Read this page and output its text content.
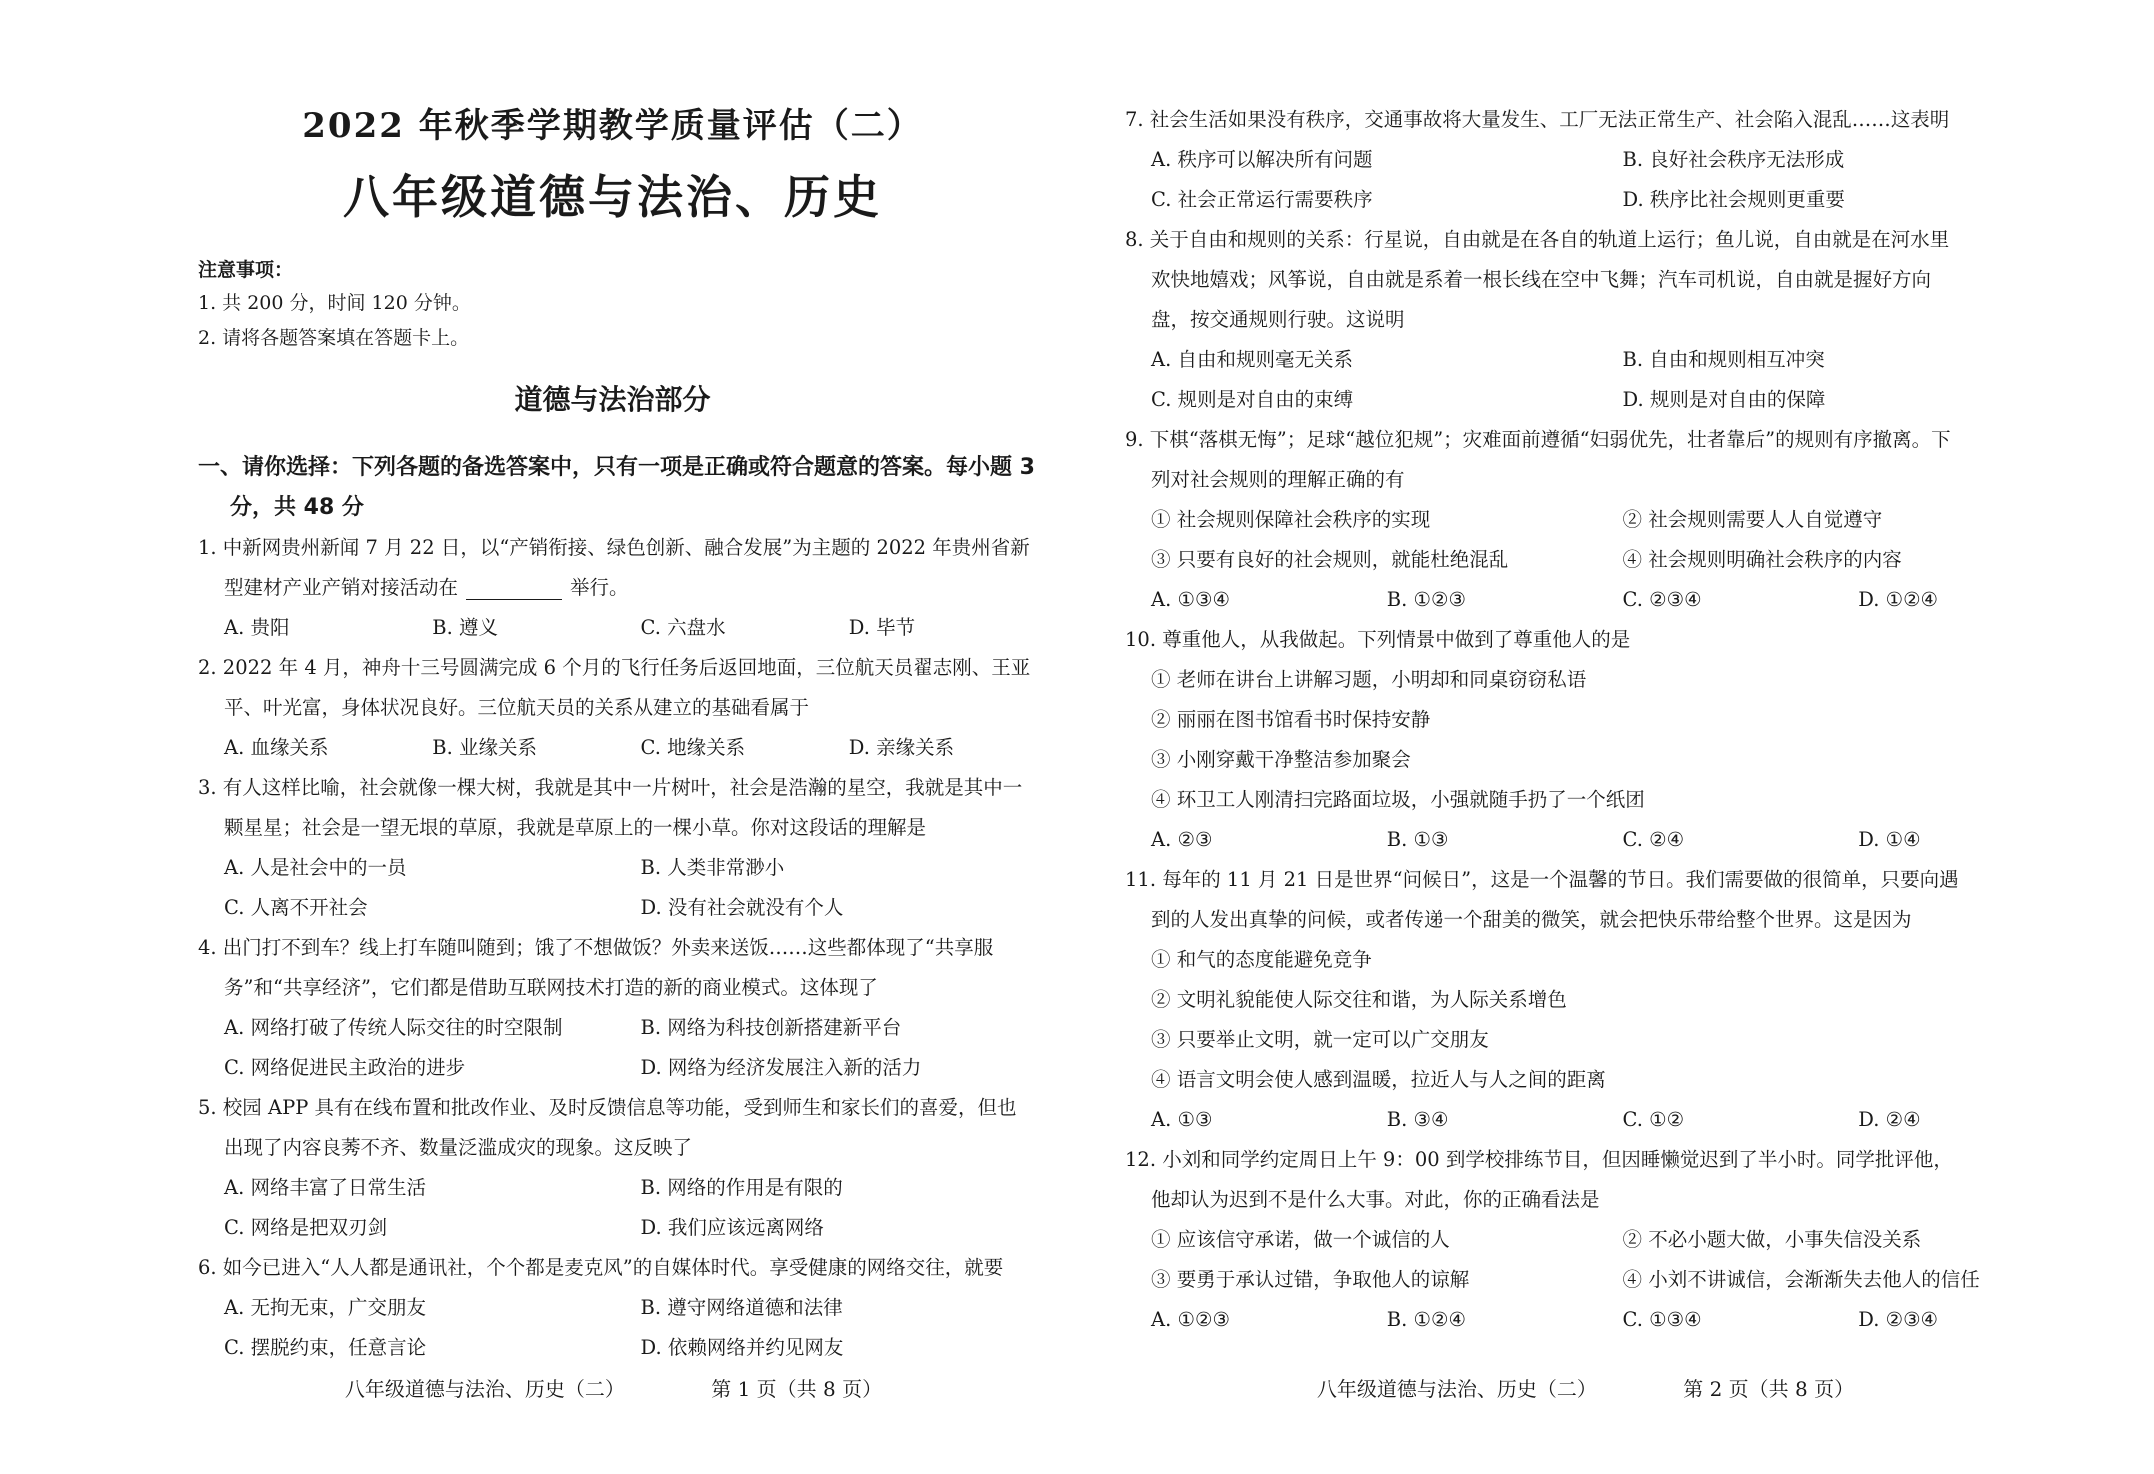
2022 年秋季学期教学质量评估（二）
八年级道德与法治、历史
注意事项：
1. 共 200 分，时间 120 分钟。
2. 请将各题答案填在答题卡上。
道德与法治部分
一、请你选择：下列各题的备选答案中，只有一项是正确或符合题意的答案。每小题 3
分，共 48 分
1. 中新网贵州新闻 7 月 22 日，以“产销衔接、绿色创新、融合发展”为主题的 2022 年贵州省新
型建材产业产销对接活动在	举行。
A. 贵阳	B. 遵义	C. 六盘水	D. 毕节
2. 2022 年 4 月，神舟十三号圆满完成 6 个月的飞行任务后返回地面，三位航天员翟志刚、王亚
平、叶光富，身体状况良好。三位航天员的关系从建立的基础看属于
A. 血缘关系	B. 业缘关系	C. 地缘关系	D. 亲缘关系
3. 有人这样比喻，社会就像一棵大树，我就是其中一片树叶，社会是浩瀚的星空，我就是其中一
颗星星；社会是一望无垠的草原，我就是草原上的一棵小草。你对这段话的理解是
A. 人是社会中的一员	B. 人类非常渺小
C. 人离不开社会	D. 没有社会就没有个人
4. 出门打不到车？线上打车随叫随到；饿了不想做饭？外卖来送饭……这些都体现了“共享服
务”和“共享经济”，它们都是借助互联网技术打造的新的商业模式。这体现了
A. 网络打破了传统人际交往的时空限制	B. 网络为科技创新搭建新平台
C. 网络促进民主政治的进步	D. 网络为经济发展注入新的活力
5. 校园 APP 具有在线布置和批改作业、及时反馈信息等功能，受到师生和家长们的喜爱，但也
出现了内容良莠不齐、数量泛滥成灾的现象。这反映了
A. 网络丰富了日常生活	B. 网络的作用是有限的
C. 网络是把双刃剑	D. 我们应该远离网络
6. 如今已进入“人人都是通讯社，个个都是麦克风”的自媒体时代。享受健康的网络交往，就要
A. 无拘无束，广交朋友	B. 遵守网络道德和法律
C. 摆脱约束，任意言论	D. 依赖网络并约见网友
八年级道德与法治、历史（二）	第 1 页（共 8 页）
7. 社会生活如果没有秩序，交通事故将大量发生、工厂无法正常生产、社会陷入混乱……这表明
A. 秩序可以解决所有问题	B. 良好社会秩序无法形成
C. 社会正常运行需要秩序	D. 秩序比社会规则更重要
8. 关于自由和规则的关系：行星说，自由就是在各自的轨道上运行；鱼儿说，自由就是在河水里
欢快地嬉戏；风筝说，自由就是系着一根长线在空中飞舞；汽车司机说，自由就是握好方向
盘，按交通规则行驶。这说明
A. 自由和规则毫无关系	B. 自由和规则相互冲突
C. 规则是对自由的束缚	D. 规则是对自由的保障
9. 下棋“落棋无悔”；足球“越位犯规”；灾难面前遵循“妇弱优先，壮者靠后”的规则有序撤离。下
列对社会规则的理解正确的有
① 社会规则保障社会秩序的实现	② 社会规则需要人人自觉遵守
③ 只要有良好的社会规则，就能杜绝混乱	④ 社会规则明确社会秩序的内容
A. ①③④	B. ①②③	C. ②③④	D. ①②④
10. 尊重他人，从我做起。下列情景中做到了尊重他人的是
① 老师在讲台上讲解习题，小明却和同桌窃窃私语
② 丽丽在图书馆看书时保持安静
③ 小刚穿戴干净整洁参加聚会
④ 环卫工人刚清扫完路面垃圾，小强就随手扔了一个纸团
A. ②③	B. ①③	C. ②④	D. ①④
11. 每年的 11 月 21 日是世界“问候日”，这是一个温馨的节日。我们需要做的很简单，只要向遇
到的人发出真挚的问候，或者传递一个甜美的微笑，就会把快乐带给整个世界。这是因为
① 和气的态度能避免竞争
② 文明礼貌能使人际交往和谐，为人际关系增色
③ 只要举止文明，就一定可以广交朋友
④ 语言文明会使人感到温暖，拉近人与人之间的距离
A. ①③	B. ③④	C. ①②	D. ②④
12. 小刘和同学约定周日上午 9：00 到学校排练节目，但因睡懒觉迟到了半小时。同学批评他，
他却认为迟到不是什么大事。对此，你的正确看法是
① 应该信守承诺，做一个诚信的人	② 不必小题大做，小事失信没关系
③ 要勇于承认过错，争取他人的谅解	④ 小刘不讲诚信，会渐渐失去他人的信任
A. ①②③	B. ①②④	C. ①③④	D. ②③④
八年级道德与法治、历史（二）	第 2 页（共 8 页）
